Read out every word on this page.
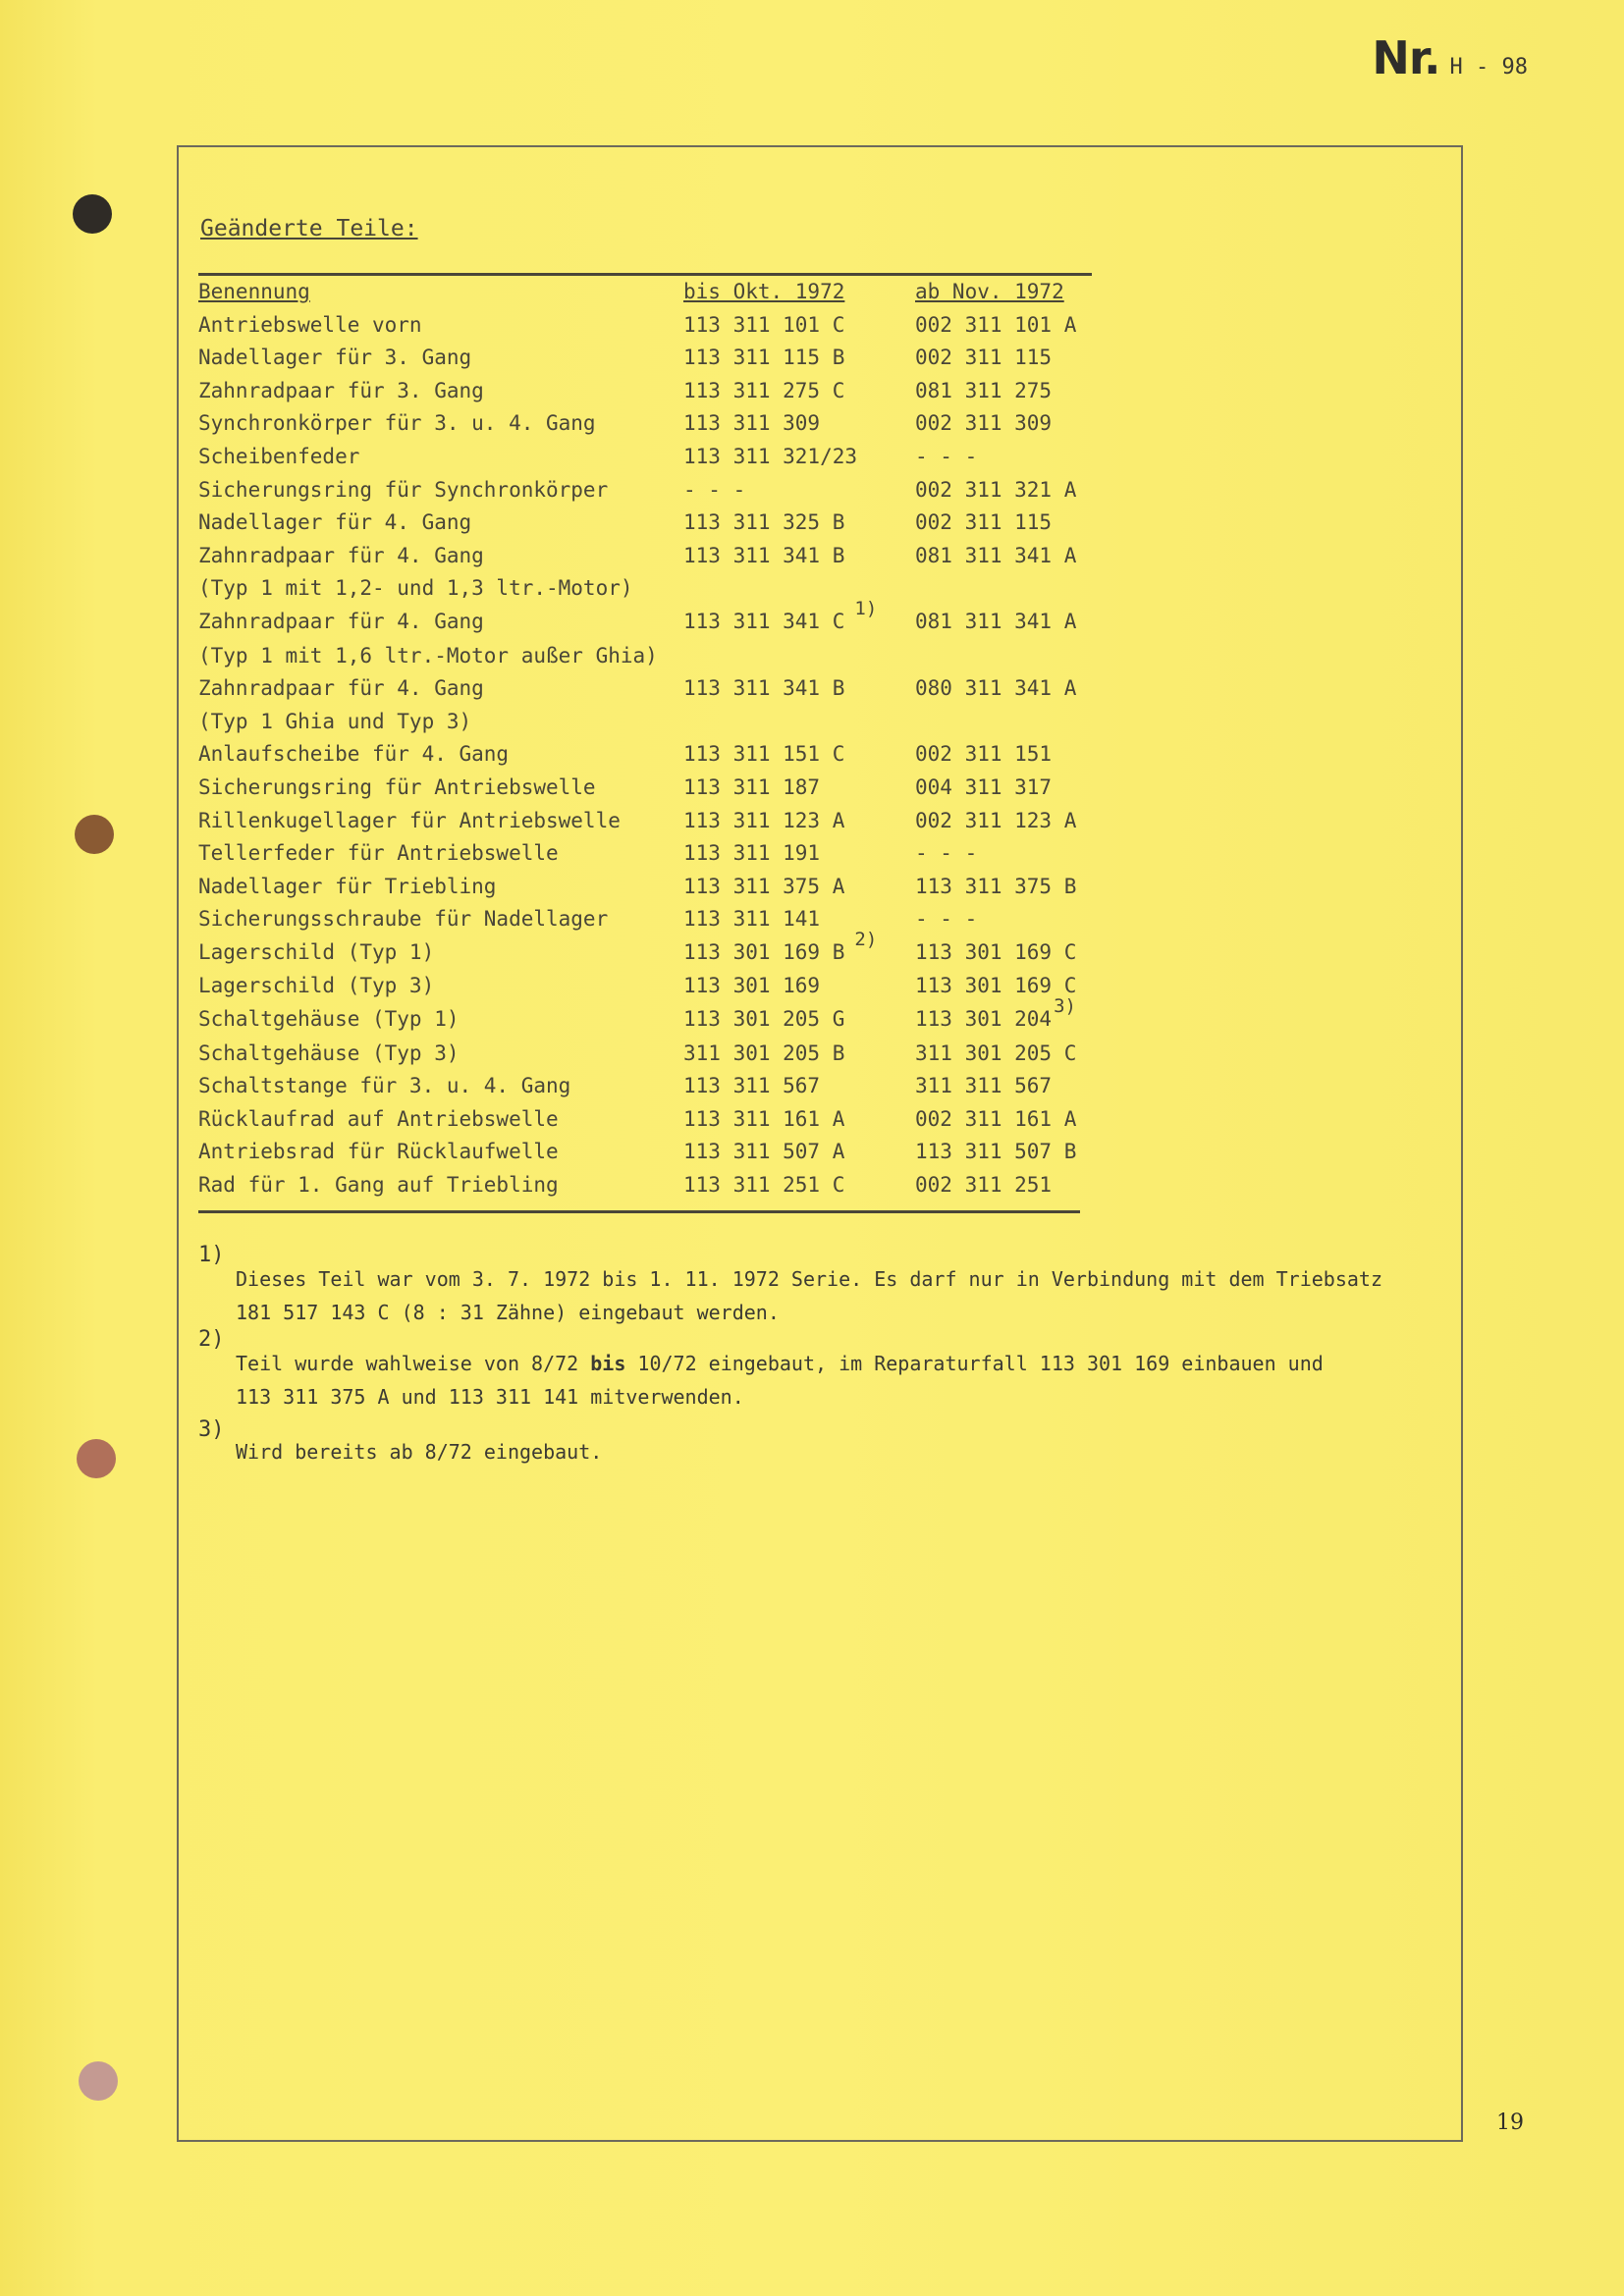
Nr. H - 98
Geänderte Teile:
Benennung	bis Okt. 1972	ab Nov. 1972
Antriebswelle vorn	113 311 101 C	002 311 101 A
Nadellager für 3. Gang	113 311 115 B	002 311 115
Zahnradpaar für 3. Gang	113 311 275 C	081 311 275
Synchronkörper für 3. u. 4. Gang	113 311 309	002 311 309
Scheibenfeder	113 311 321/23	- - -
Sicherungsring für Synchronkörper	- - -	002 311 321 A
Nadellager für 4. Gang	113 311 325 B	002 311 115
Zahnradpaar für 4. Gang	113 311 341 B	081 311 341 A
(Typ 1 mit 1,2- und 1,3 ltr.-Motor)		
Zahnradpaar für 4. Gang	113 311 341 C1)	081 311 341 A
(Typ 1 mit 1,6 ltr.-Motor außer Ghia)		
Zahnradpaar für 4. Gang	113 311 341 B	080 311 341 A
(Typ 1 Ghia und Typ 3)		
Anlaufscheibe für 4. Gang	113 311 151 C	002 311 151
Sicherungsring für Antriebswelle	113 311 187	004 311 317
Rillenkugellager für Antriebswelle	113 311 123 A	002 311 123 A
Tellerfeder für Antriebswelle	113 311 191	- - -
Nadellager für Triebling	113 311 375 A	113 311 375 B
Sicherungsschraube für Nadellager	113 311 141	- - -
Lagerschild (Typ 1)	113 301 169 B2)	113 301 169 C
Lagerschild (Typ 3)	113 301 169	113 301 169 C
Schaltgehäuse (Typ 1)	113 301 205 G	113 301 2043)
Schaltgehäuse (Typ 3)	311 301 205 B	311 301 205 C
Schaltstange für 3. u. 4. Gang	113 311 567	311 311 567
Rücklaufrad auf Antriebswelle	113 311 161 A	002 311 161 A
Antriebsrad für Rücklaufwelle	113 311 507 A	113 311 507 B
Rad für 1. Gang auf Triebling	113 311 251 C	002 311 251
1)
Dieses Teil war vom 3. 7. 1972 bis 1. 11. 1972 Serie. Es darf nur in Verbindung mit dem Triebsatz
181 517 143 C (8 : 31 Zähne) eingebaut werden.
2)
Teil wurde wahlweise von 8/72 bis 10/72 eingebaut, im Reparaturfall 113 301 169 einbauen und
113 311 375 A und 113 311 141 mitverwenden.
3)
Wird bereits ab 8/72 eingebaut.
19
